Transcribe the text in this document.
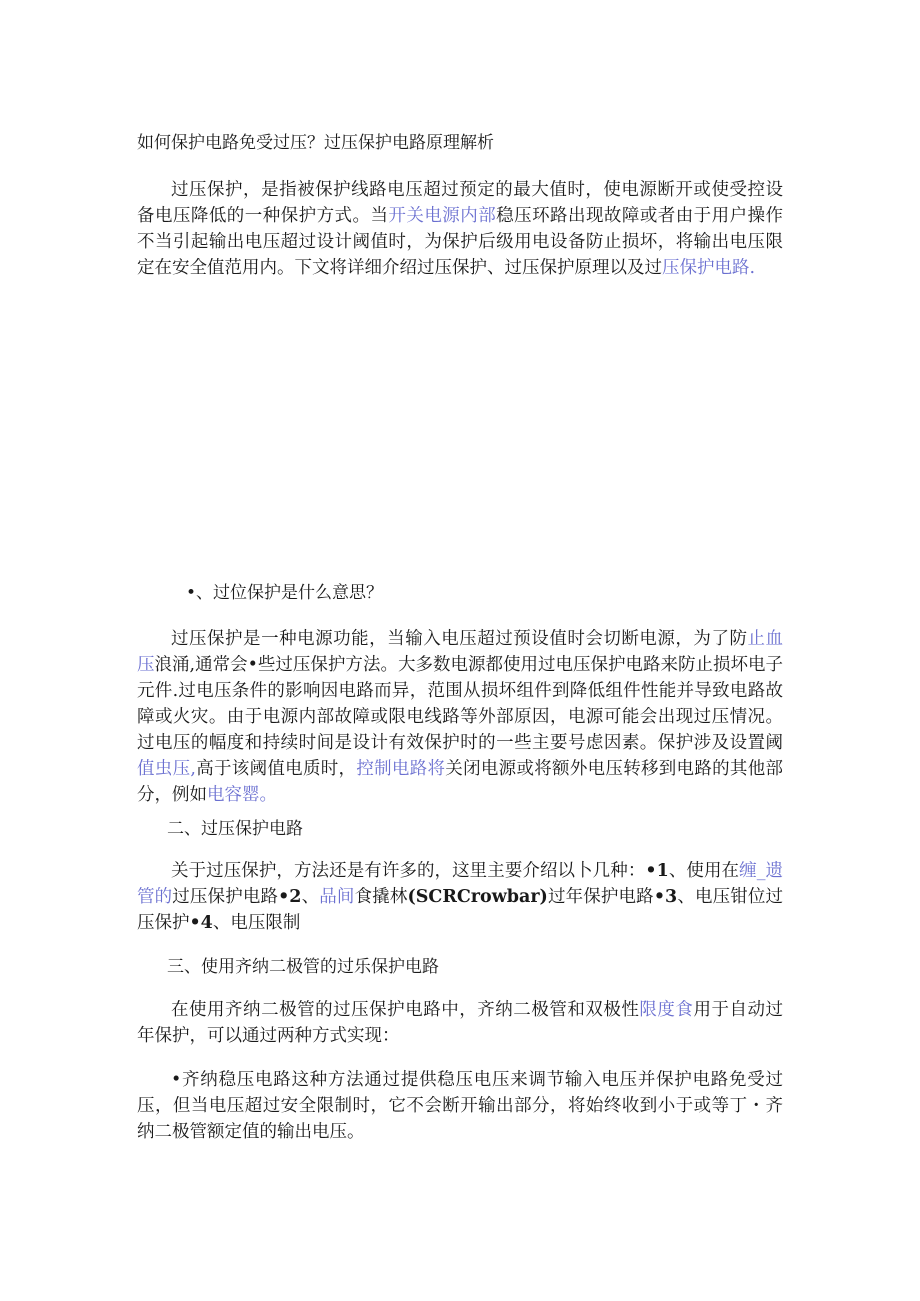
如何保护电路免受过压？过压保护电路原理解析

过压保护，是指被保护线路电压超过预定的最大值时，使电源断开或使受控设备电压降低的一种保护方式。当开关电源内部稳压环路出现故障或者由于用户操作不当引起输出电压超过设计阈值时，为保护后级用电设备防止损坏，将输出电压限定在安全值范用内。下文将详细介绍过压保护、过压保护原理以及过压保护电路.

•、过位保护是什么意思？

过压保护是一种电源功能，当输入电压超过预设值时会切断电源，为了防止血压浪涌,通常会•些过压保护方法。大多数电源都使用过电压保护电路来防止损坏电子元件.过电压条件的影响因电路而异，范围从损坏组件到降低组件性能并导致电路故障或火灾。由于电源内部故障或限电线路等外部原因，电源可能会出现过压情况。过电压的幅度和持续时间是设计有效保护时的一些主要号虑因素。保护涉及设置阈值虫压,高于该阈值电质时，控制电路将关闭电源或将额外电压转移到电路的其他部分，例如电容罂。

二、过压保护电路

关于过压保护，方法还是有许多的，这里主要介绍以卜几种：•1、使用在缠_遗管的过压保护电路•2、品间食撬林(SCRCrowbar)过年保护电路•3、电压钳位过压保护•4、电压限制

三、使用齐纳二极管的过乐保护电路

在使用齐纳二极管的过压保护电路中，齐纳二极管和双极性限度食用于自动过年保护，可以通过两种方式实现：

•齐纳稳压电路这种方法通过提供稳压电压来调节输入电压并保护电路免受过压，但当电压超过安全限制时，它不会断开输出部分，将始终收到小于或等丁・齐纳二极管额定值的输出电压。
